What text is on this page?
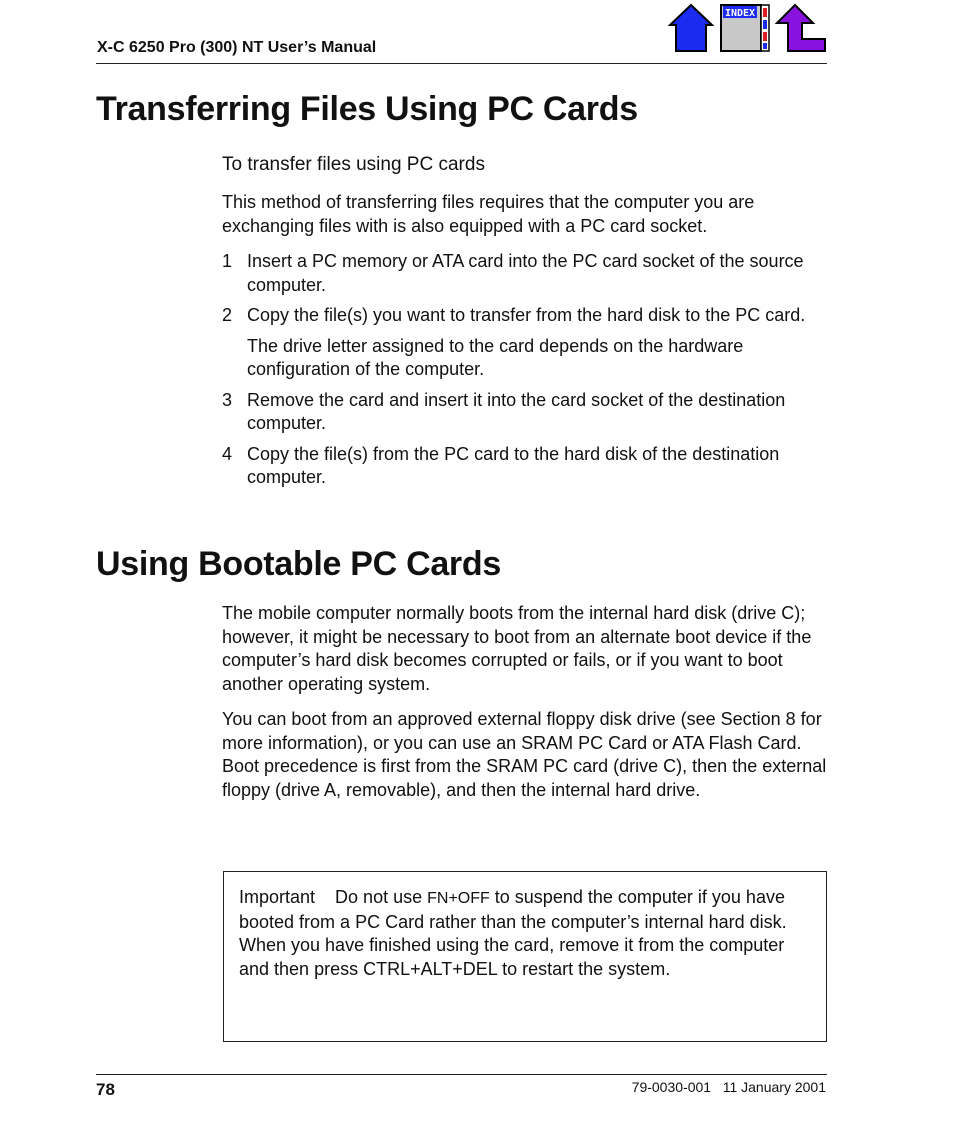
X-C 6250 Pro (300) NT User’s Manual
INDEX
Transferring Files Using PC Cards
To transfer files using PC cards

This method of transferring files requires that the computer you are exchanging files with is also equipped with a PC card socket.

1 Insert a PC memory or ATA card into the PC card socket of the source computer.
2 Copy the file(s) you want to transfer from the hard disk to the PC card.
The drive letter assigned to the card depends on the hardware configuration of the computer.
3 Remove the card and insert it into the card socket of the destination computer.
4 Copy the file(s) from the PC card to the hard disk of the destination computer.
Using Bootable PC Cards

The mobile computer normally boots from the internal hard disk (drive C); however, it might be necessary to boot from an alternate boot device if the computer’s hard disk becomes corrupted or fails, or if you want to boot another operating system.

You can boot from an approved external floppy disk drive (see Section 8 for more information), or you can use an SRAM PC Card or ATA Flash Card. Boot precedence is first from the SRAM PC card (drive C), then the external floppy (drive A, removable), and then the internal hard drive.

Important Do not use FN+OFF to suspend the computer if you have booted from a PC Card rather than the computer’s internal hard disk. When you have finished using the card, remove it from the computer and then press CTRL+ALT+DEL to restart the system.
78	79-0030-001   11 January 2001
